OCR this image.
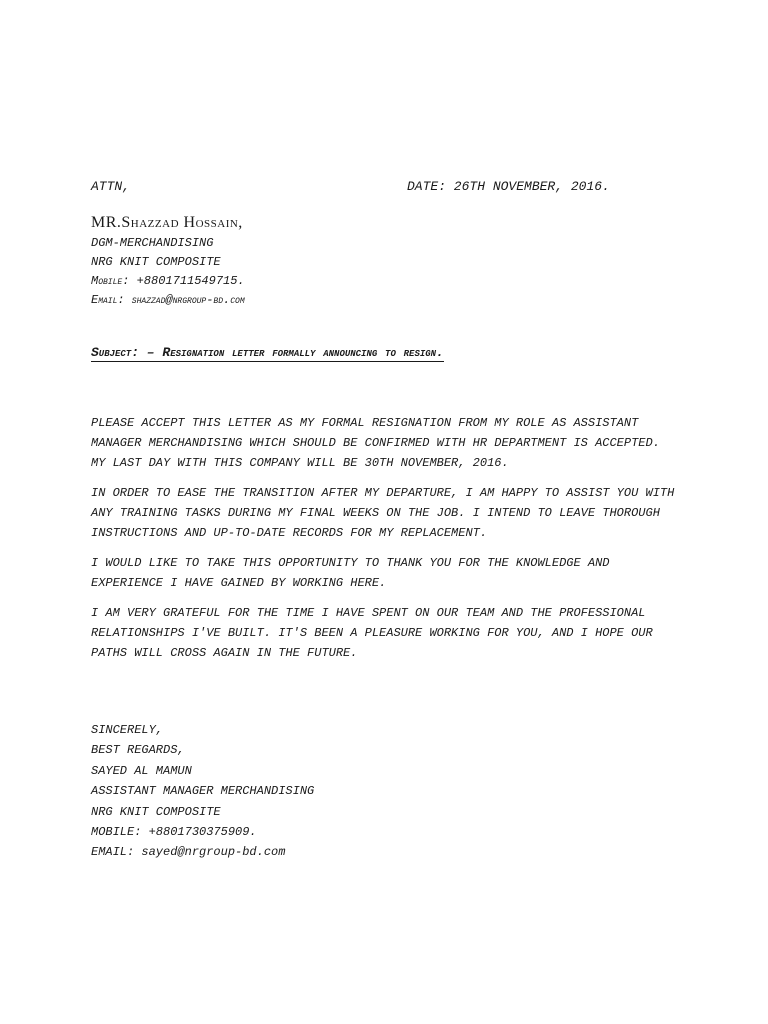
ATTN,	DATE: 26TH NOVEMBER, 2016.
MR.Shazzad Hossain,
DGM-MERCHANDISING
NRG KNIT COMPOSITE
Mobile: +8801711549715.
Email: shazzad@nrgroup-bd.com
Subject: – Resignation letter formally announcing to resign.

PLEASE ACCEPT THIS LETTER AS MY FORMAL RESIGNATION FROM MY ROLE AS ASSISTANT
MANAGER MERCHANDISING WHICH SHOULD BE CONFIRMED WITH HR DEPARTMENT IS ACCEPTED.
MY LAST DAY WITH THIS COMPANY WILL BE 30TH NOVEMBER, 2016.

IN ORDER TO EASE THE TRANSITION AFTER MY DEPARTURE, I AM HAPPY TO ASSIST YOU WITH
ANY TRAINING TASKS DURING MY FINAL WEEKS ON THE JOB. I INTEND TO LEAVE THOROUGH
INSTRUCTIONS AND UP-TO-DATE RECORDS FOR MY REPLACEMENT.

I WOULD LIKE TO TAKE THIS OPPORTUNITY TO THANK YOU FOR THE KNOWLEDGE AND
EXPERIENCE I HAVE GAINED BY WORKING HERE.

I AM VERY GRATEFUL FOR THE TIME I HAVE SPENT ON OUR TEAM AND THE PROFESSIONAL
RELATIONSHIPS I'VE BUILT. IT'S BEEN A PLEASURE WORKING FOR YOU, AND I HOPE OUR
PATHS WILL CROSS AGAIN IN THE FUTURE.

SINCERELY,
BEST REGARDS,
SAYED AL MAMUN
ASSISTANT MANAGER MERCHANDISING
NRG KNIT COMPOSITE
MOBILE: +8801730375909.
EMAIL: sayed@nrgroup-bd.com
